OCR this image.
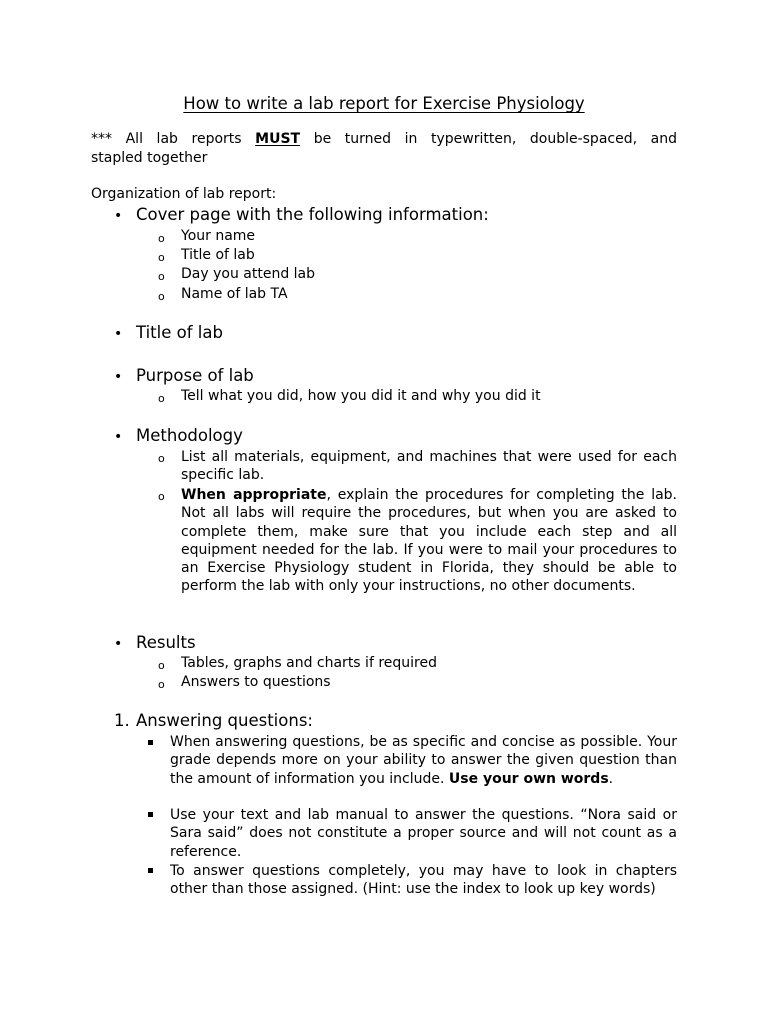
How to write a lab report for Exercise Physiology
*** All lab reports MUST be turned in typewritten, double-spaced, and
stapled together
Organization of lab report:
• Cover page with the following information:
o Your name
o Title of lab
o Day you attend lab
o Name of lab TA
• Title of lab
• Purpose of lab
o Tell what you did, how you did it and why you did it
• Methodology
o List all materials, equipment, and machines that were used for each specific lab.
o When appropriate, explain the procedures for completing the lab. Not all labs will require the procedures, but when you are asked to complete them, make sure that you include each step and all equipment needed for the lab. If you were to mail your procedures to an Exercise Physiology student in Florida, they should be able to perform the lab with only your instructions, no other documents.
• Results
o Tables, graphs and charts if required
o Answers to questions
1. Answering questions:
When answering questions, be as specific and concise as possible. Your grade depends more on your ability to answer the given question than the amount of information you include. Use your own words.
Use your text and lab manual to answer the questions. “Nora said or Sara said” does not constitute a proper source and will not count as a reference.
To answer questions completely, you may have to look in chapters other than those assigned. (Hint: use the index to look up key words)
